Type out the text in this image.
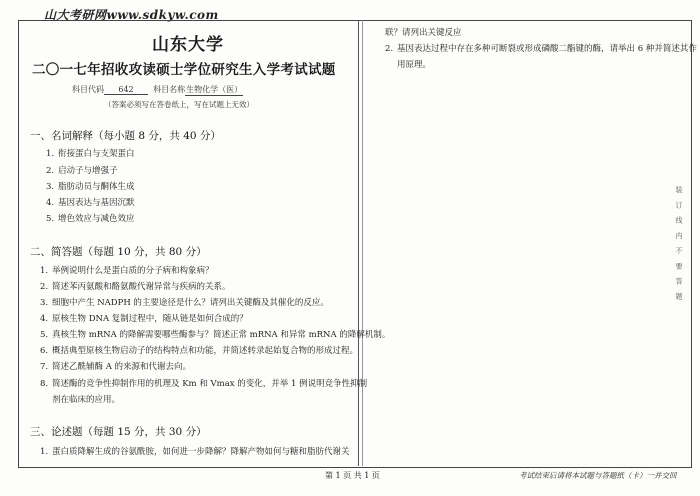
山大考研网www.sdkyw.com
装 订 线 内 不 要 答 题
山东大学
二〇一七年招收攻读硕士学位研究生入学考试试题
科目代码 642 科目名称生物化学（医）
（答案必须写在答卷纸上，写在试题上无效）
一、名词解释（每小题 8 分，共 40 分）
1. 衔接蛋白与支架蛋白
2. 启动子与增强子
3. 脂肪动员与酮体生成
4. 基因表达与基因沉默
5. 增色效应与减色效应
二、简答题（每题 10 分，共 80 分）
1. 举例说明什么是蛋白质的分子病和构象病？
2. 简述苯丙氨酸和酪氨酸代谢异常与疾病的关系。
3. 细胞中产生 NADPH 的主要途径是什么？请列出关键酶及其催化的反应。
4. 原核生物 DNA 复制过程中，随从链是如何合成的？
5. 真核生物 mRNA 的降解需要哪些酶参与？简述正常 mRNA 和异常 mRNA 的降解机制。
6. 概括典型原核生物启动子的结构特点和功能，并简述转录起始复合物的形成过程。
7. 简述乙酰辅酶 A 的来源和代谢去向。
8. 简述酶的竞争性抑制作用的机理及 Km 和 Vmax 的变化，并举 1 例说明竞争性抑制
剂在临床的应用。
三、论述题（每题 15 分，共 30 分）
1. 蛋白质降解生成的谷氨酰胺，如何进一步降解？降解产物如何与糖和脂肪代谢关
联？请列出关键反应
2. 基因表达过程中存在多种可断裂或形成磷酸二酯键的酶，请举出 6 种并简述其作
用原理。
第 1 页 共 1 页	考试结束后请将本试题与答题纸（卡）一并交回
